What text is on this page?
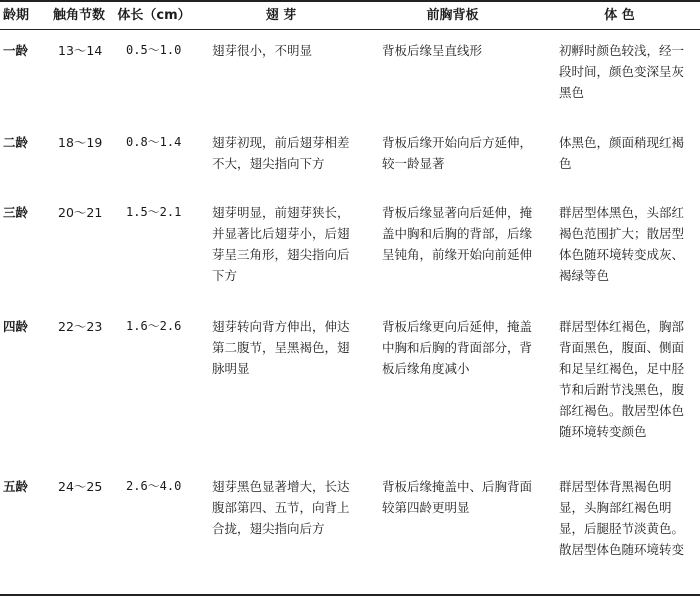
龄期	触角节数	体长（cm）	翅 芽	前胸背板	体 色
一龄	13～14	0.5～1.0	翅芽很小，不明显	背板后缘呈直线形	初孵时颜色较浅，经一段时间，颜色变深呈灰黑色

二龄	18～19	0.8～1.4	翅芽初现，前后翅芽相差不大，翅尖指向下方	背板后缘开始向后方延伸，较一龄显著	体黑色，颜面稍现红褐色

三龄	20～21	1.5～2.1	翅芽明显，前翅芽狭长，并显著比后翅芽小，后翅芽呈三角形，翅尖指向后下方	背板后缘显著向后延伸，掩盖中胸和后胸的背部，后缘呈钝角，前缘开始向前延伸	群居型体黑色，头部红褐色范围扩大；散居型体色随环境转变成灰、褐绿等色

四龄	22～23	1.6～2.6	翅芽转向背方伸出，伸达第二腹节，呈黑褐色，翅脉明显	背板后缘更向后延伸，掩盖中胸和后胸的背面部分，背板后缘角度减小	群居型体红褐色，胸部背面黑色，腹面、侧面和足呈红褐色，足中胫节和后跗节浅黑色，腹部红褐色。散居型体色随环境转变颜色

五龄	24～25	2.6～4.0	翅芽黑色显著增大，长达腹部第四、五节，向背上合拢，翅尖指向后方	背板后缘掩盖中、后胸背面较第四龄更明显	群居型体背黑褐色明显，头胸部红褐色明显，后腿胫节淡黄色。散居型体色随环境转变
